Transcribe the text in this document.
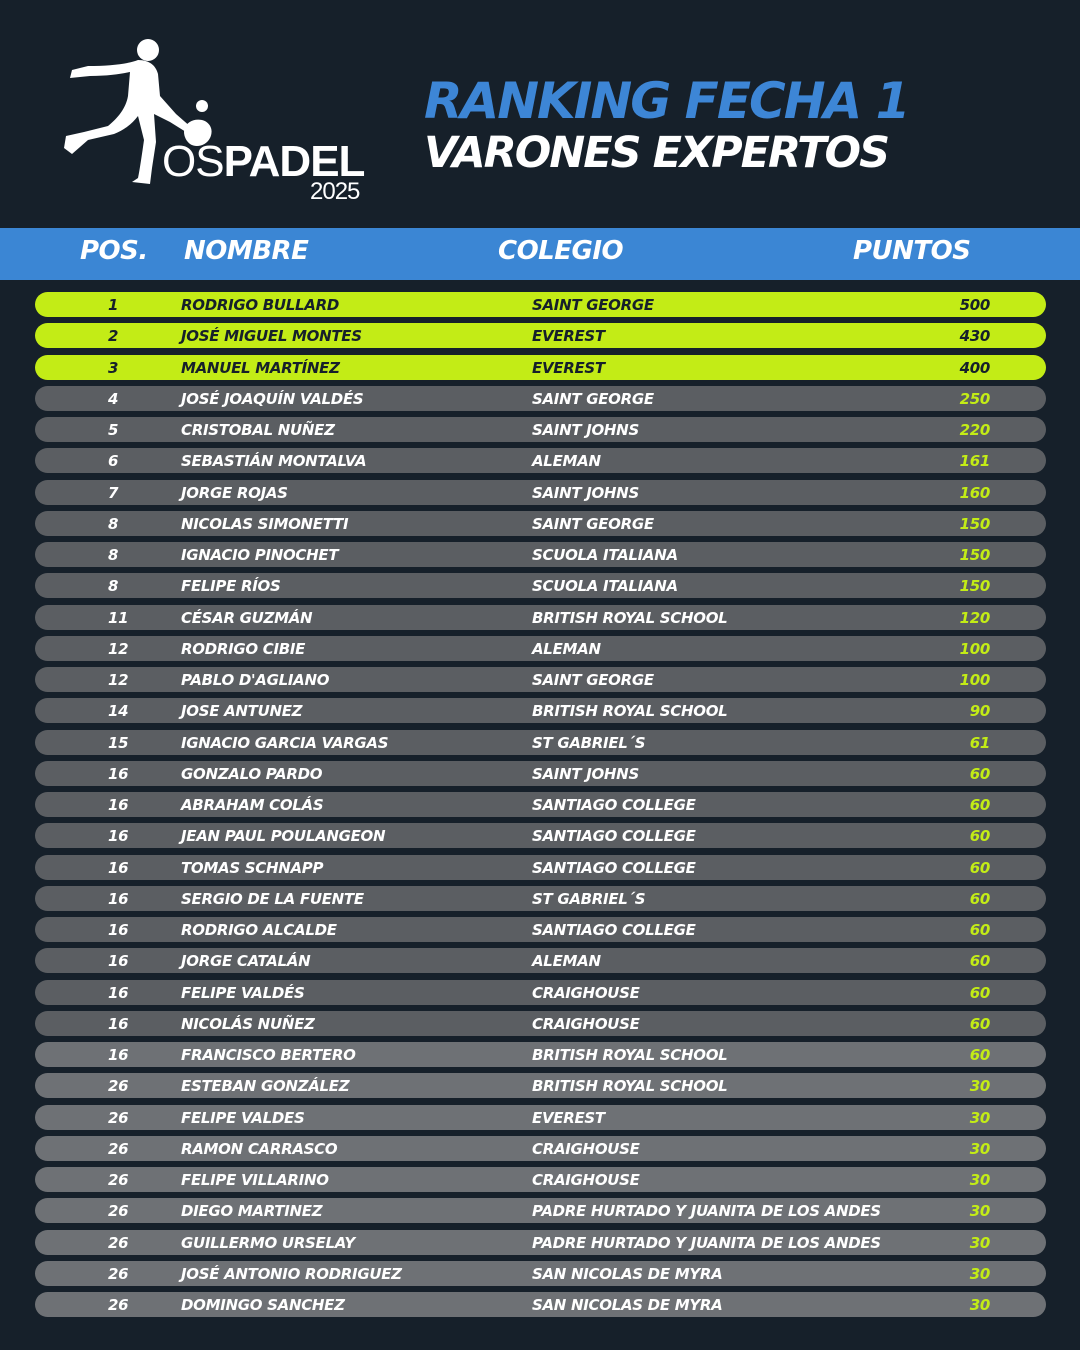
OSPADEL
2025
RANKING FECHA 1
VARONES EXPERTOS
POS. NOMBRE	COLEGIO	PUNTOS
1	RODRIGO BULLARD	SAINT GEORGE	500
2	JOSÉ MIGUEL MONTES	EVEREST	430
3	MANUEL MARTÍNEZ	EVEREST	400
4	JOSÉ JOAQUÍN VALDÉS	SAINT GEORGE	250
5	CRISTOBAL NUÑEZ	SAINT JOHNS	220
6	SEBASTIÁN MONTALVA	ALEMAN	161
7	JORGE ROJAS	SAINT JOHNS	160
8	NICOLAS SIMONETTI	SAINT GEORGE	150
8	IGNACIO PINOCHET	SCUOLA ITALIANA	150
8	FELIPE RÍOS	SCUOLA ITALIANA	150
11	CÉSAR GUZMÁN	BRITISH ROYAL SCHOOL	120
12	RODRIGO CIBIE	ALEMAN	100
12	PABLO D'AGLIANO	SAINT GEORGE	100
14	JOSE ANTUNEZ	BRITISH ROYAL SCHOOL	90
15	IGNACIO GARCIA VARGAS	ST GABRIEL´S	61
16	GONZALO PARDO	SAINT JOHNS	60
16	ABRAHAM COLÁS	SANTIAGO COLLEGE	60
16	JEAN PAUL POULANGEON	SANTIAGO COLLEGE	60
16	TOMAS SCHNAPP	SANTIAGO COLLEGE	60
16	SERGIO DE LA FUENTE	ST GABRIEL´S	60
16	RODRIGO ALCALDE	SANTIAGO COLLEGE	60
16	JORGE CATALÁN	ALEMAN	60
16	FELIPE VALDÉS	CRAIGHOUSE	60
16	NICOLÁS NUÑEZ	CRAIGHOUSE	60
16	FRANCISCO BERTERO	BRITISH ROYAL SCHOOL	60
26	ESTEBAN GONZÁLEZ	BRITISH ROYAL SCHOOL	30
26	FELIPE VALDES	EVEREST	30
26	RAMON CARRASCO	CRAIGHOUSE	30
26	FELIPE VILLARINO	CRAIGHOUSE	30
26	DIEGO MARTINEZ	PADRE HURTADO Y JUANITA DE LOS ANDES	30
26	GUILLERMO URSELAY	PADRE HURTADO Y JUANITA DE LOS ANDES	30
26	JOSÉ ANTONIO RODRIGUEZ	SAN NICOLAS DE MYRA	30
26	DOMINGO SANCHEZ	SAN NICOLAS DE MYRA	30
